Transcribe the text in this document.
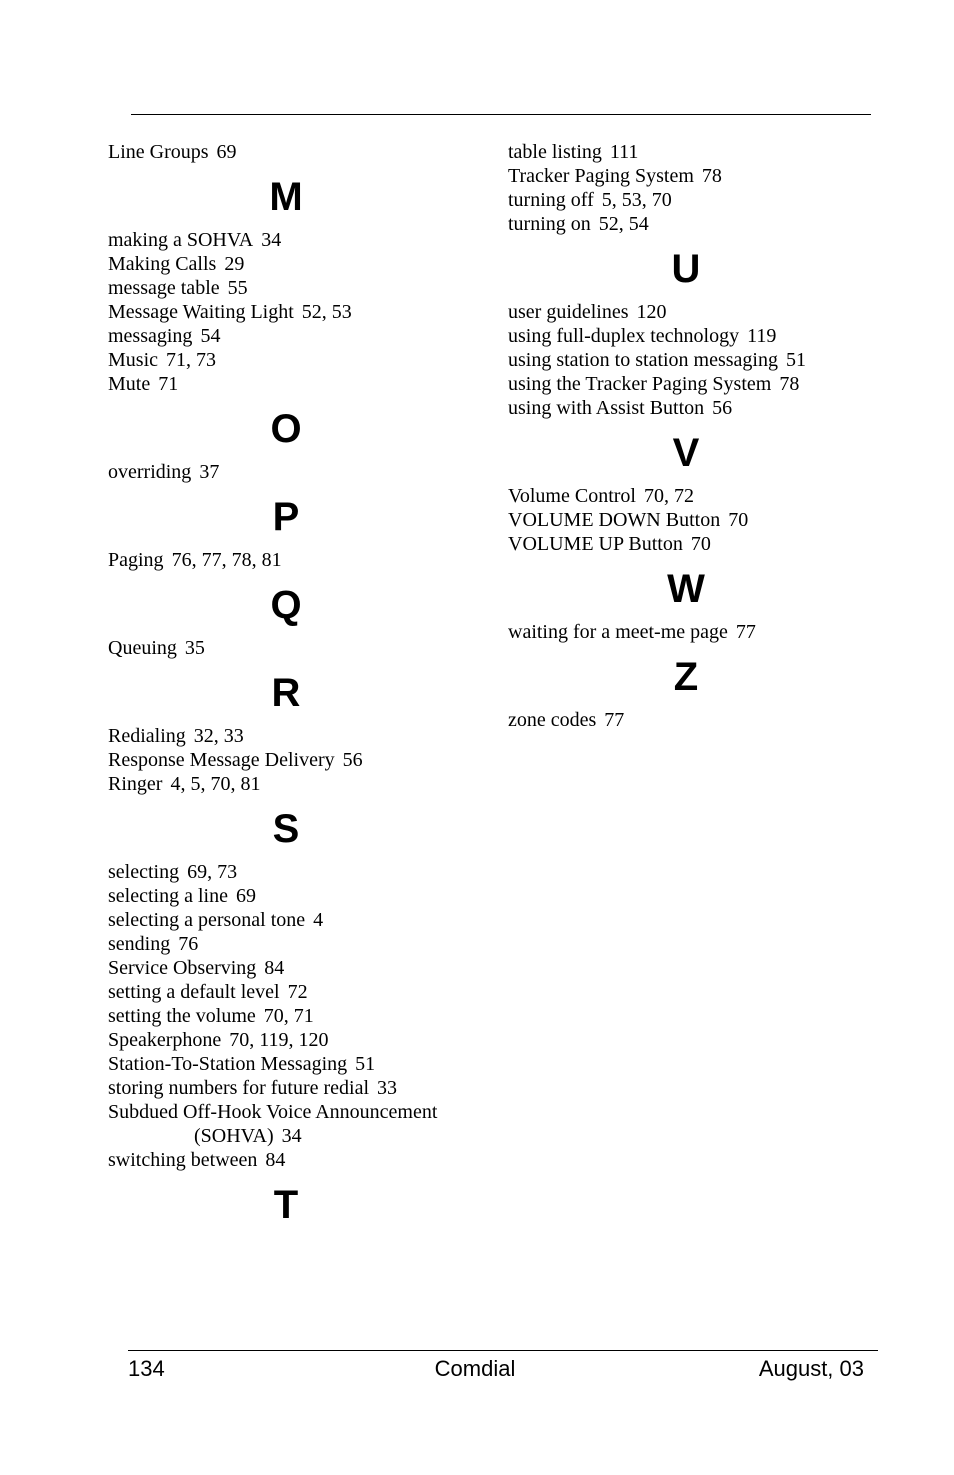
Line Groups 69
M
making a SOHVA 34
Making Calls 29
message table 55
Message Waiting Light 52, 53
messaging 54
Music 71, 73
Mute 71
O
overriding 37
P
Paging 76, 77, 78, 81
Q
Queuing 35
R
Redialing 32, 33
Response Message Delivery 56
Ringer 4, 5, 70, 81
S
selecting 69, 73
selecting a line 69
selecting a personal tone 4
sending 76
Service Observing 84
setting a default level 72
setting the volume 70, 71
Speakerphone 70, 119, 120
Station-To-Station Messaging 51
storing numbers for future redial 33
Subdued Off-Hook Voice Announcement
(SOHVA) 34
switching between 84
T
table listing 111
Tracker Paging System 78
turning off 5, 53, 70
turning on 52, 54
U
user guidelines 120
using full-duplex technology 119
using station to station messaging 51
using the Tracker Paging System 78
using with Assist Button 56
V
Volume Control 70, 72
VOLUME DOWN Button 70
VOLUME UP Button 70
W
waiting for a meet-me page 77
Z
zone codes 77
134	Comdial	August, 03
